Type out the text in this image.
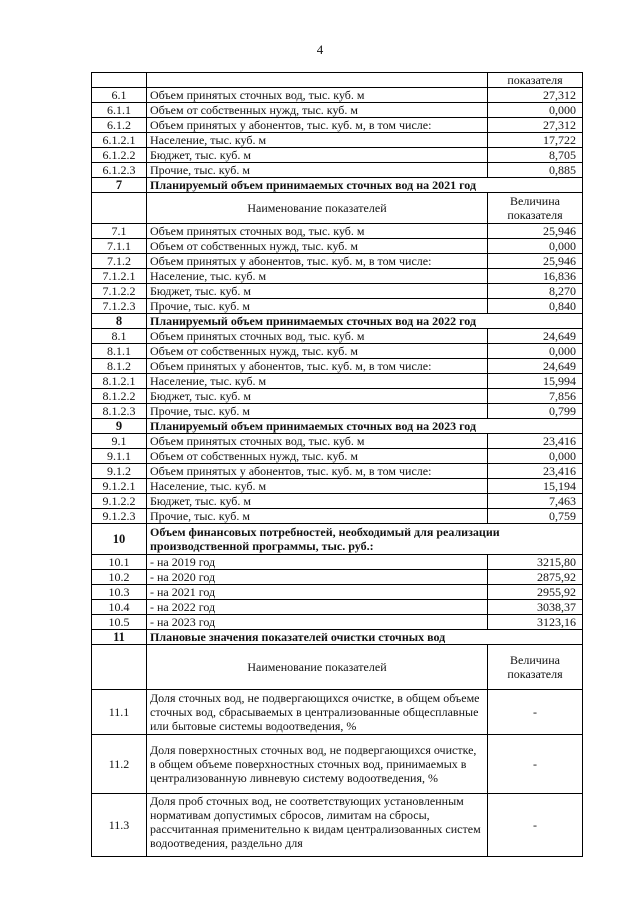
4
		показателя
6.1	Объем принятых сточных вод, тыс. куб. м	27,312
6.1.1	Объем от собственных нужд, тыс. куб. м	0,000
6.1.2	Объем принятых у абонентов, тыс. куб. м, в том числе:	27,312
6.1.2.1	Население, тыс. куб. м	17,722
6.1.2.2	Бюджет, тыс. куб. м	8,705
6.1.2.3	Прочие, тыс. куб. м	0,885
7	Планируемый объем принимаемых сточных вод на 2021 год	
	Наименование показателей	Величина показателя
7.1	Объем принятых сточных вод, тыс. куб. м	25,946
7.1.1	Объем от собственных нужд, тыс. куб. м	0,000
7.1.2	Объем принятых у абонентов, тыс. куб. м, в том числе:	25,946
7.1.2.1	Население, тыс. куб. м	16,836
7.1.2.2	Бюджет, тыс. куб. м	8,270
7.1.2.3	Прочие, тыс. куб. м	0,840
8	Планируемый объем принимаемых сточных вод на 2022 год	
8.1	Объем принятых сточных вод, тыс. куб. м	24,649
8.1.1	Объем от собственных нужд, тыс. куб. м	0,000
8.1.2	Объем принятых у абонентов, тыс. куб. м, в том числе:	24,649
8.1.2.1	Население, тыс. куб. м	15,994
8.1.2.2	Бюджет, тыс. куб. м	7,856
8.1.2.3	Прочие, тыс. куб. м	0,799
9	Планируемый объем принимаемых сточных вод на 2023 год	
9.1	Объем принятых сточных вод, тыс. куб. м	23,416
9.1.1	Объем от собственных нужд, тыс. куб. м	0,000
9.1.2	Объем принятых у абонентов, тыс. куб. м, в том числе:	23,416
9.1.2.1	Население, тыс. куб. м	15,194
9.1.2.2	Бюджет, тыс. куб. м	7,463
9.1.2.3	Прочие, тыс. куб. м	0,759
10	Объем финансовых потребностей, необходимый для реализации производственной программы, тыс. руб.:	
10.1	- на 2019 год	3215,80
10.2	- на 2020 год	2875,92
10.3	- на 2021 год	2955,92
10.4	- на 2022 год	3038,37
10.5	- на 2023 год	3123,16
11	Плановые значения показателей очистки сточных вод	
	Наименование показателей	Величина показателя
11.1	Доля сточных вод, не подвергающихся очистке, в общем объеме сточных вод, сбрасываемых в централизованные общесплавные или бытовые системы водоотведения, %	-
11.2	Доля поверхностных сточных вод, не подвергающихся очистке, в общем объеме поверхностных сточных вод, принимаемых в централизованную ливневую систему водоотведения, %	-
11.3	Доля проб сточных вод, не соответствующих установленным нормативам допустимых сбросов, лимитам на сбросы, рассчитанная применительно к видам централизованных систем водоотведения, раздельно для	-
